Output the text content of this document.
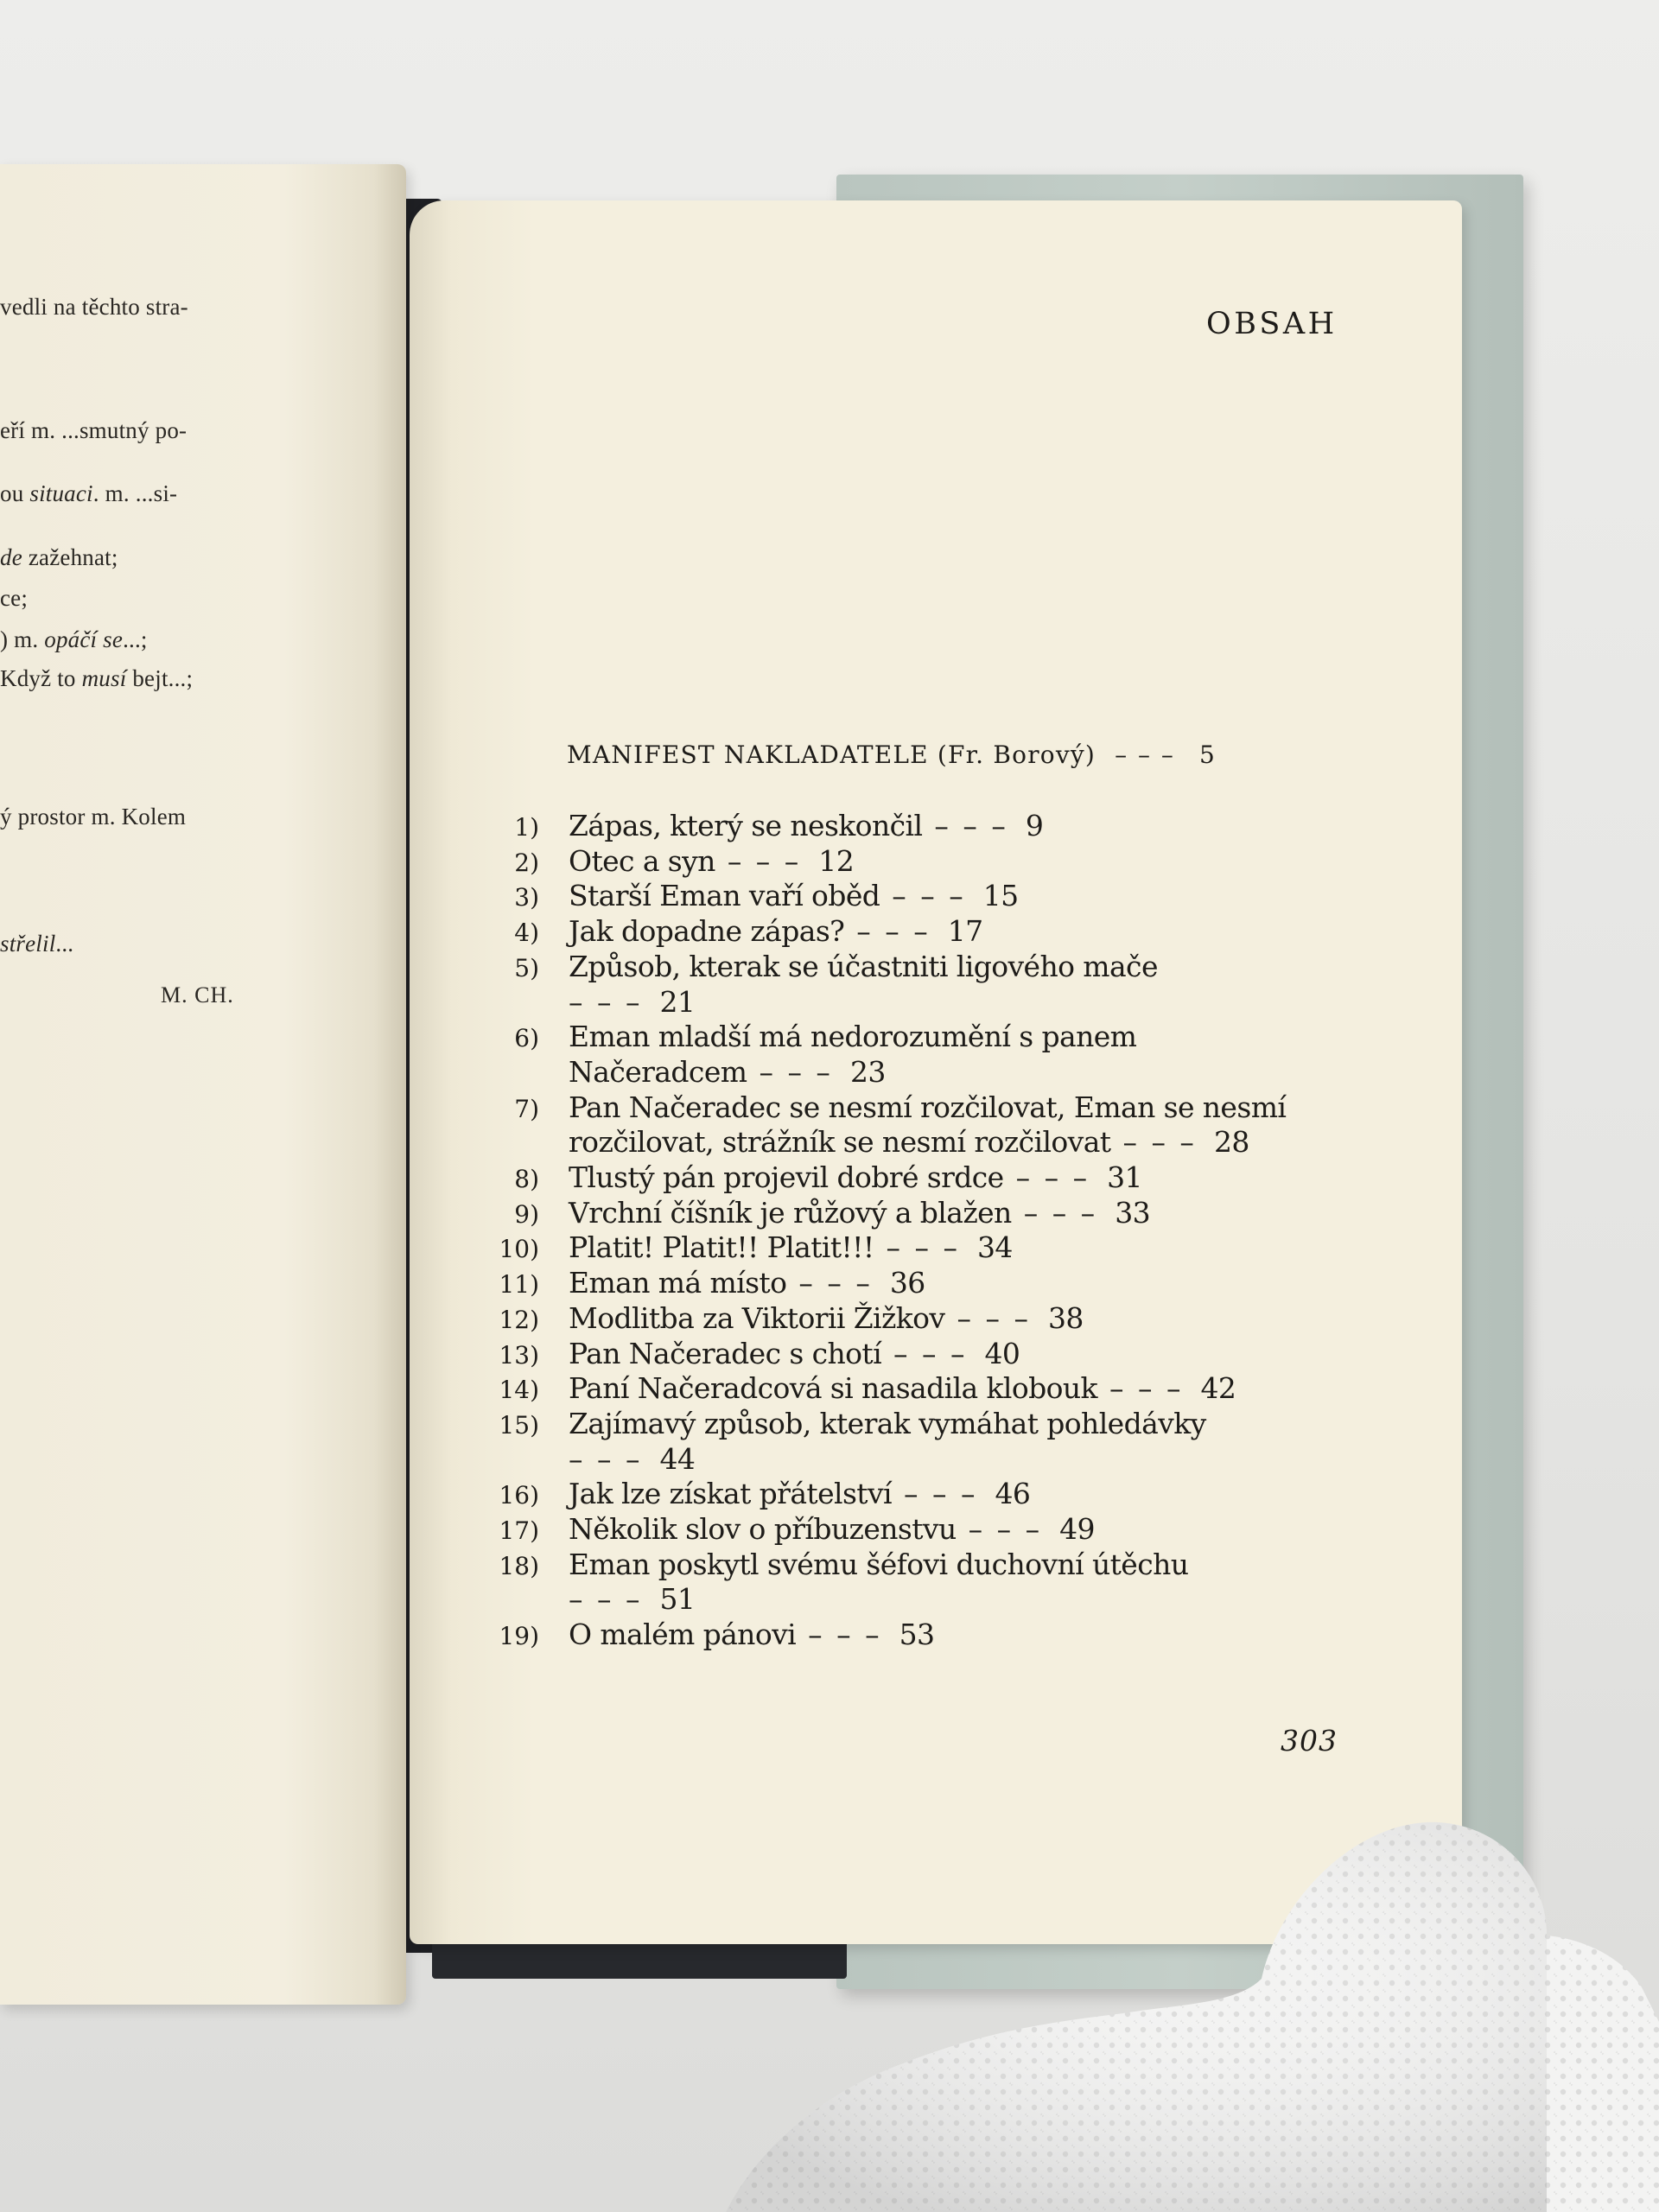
vedli na těchto stra-
eří m. ...smutný po-
ou situaci. m. ...si-
de zažehnat;
ce;
) m. opáčí se...;
Když to musí bejt...;
ý prostor m. Kolem
střelil...
M. CH.
OBSAH
MANIFEST NAKLADATELE (Fr. Borový) – – – 5
1) Zápas, který se neskončil – – – 9
2) Otec a syn – – – 12
3) Starší Eman vaří oběd – – – 15
4) Jak dopadne zápas? – – – 17
5) Způsob, kterak se účastniti ligového mače
– – – 21
6) Eman mladší má nedorozumění s panem
Načeradcem – – – 23
7) Pan Načeradec se nesmí rozčilovat, Eman se nesmí
rozčilovat, strážník se nesmí rozčilovat – – – 28
8) Tlustý pán projevil dobré srdce – – – 31
9) Vrchní číšník je růžový a blažen – – – 33
10) Platit! Platit!! Platit!!! – – – 34
11) Eman má místo – – – 36
12) Modlitba za Viktorii Žižkov – – – 38
13) Pan Načeradec s chotí – – – 40
14) Paní Načeradcová si nasadila klobouk – – – 42
15) Zajímavý způsob, kterak vymáhat pohledávky
– – – 44
16) Jak lze získat přátelství – – – 46
17) Několik slov o příbuzenstvu – – – 49
18) Eman poskytl svému šéfovi duchovní útěchu
– – – 51
19) O malém pánovi – – – 53
303
